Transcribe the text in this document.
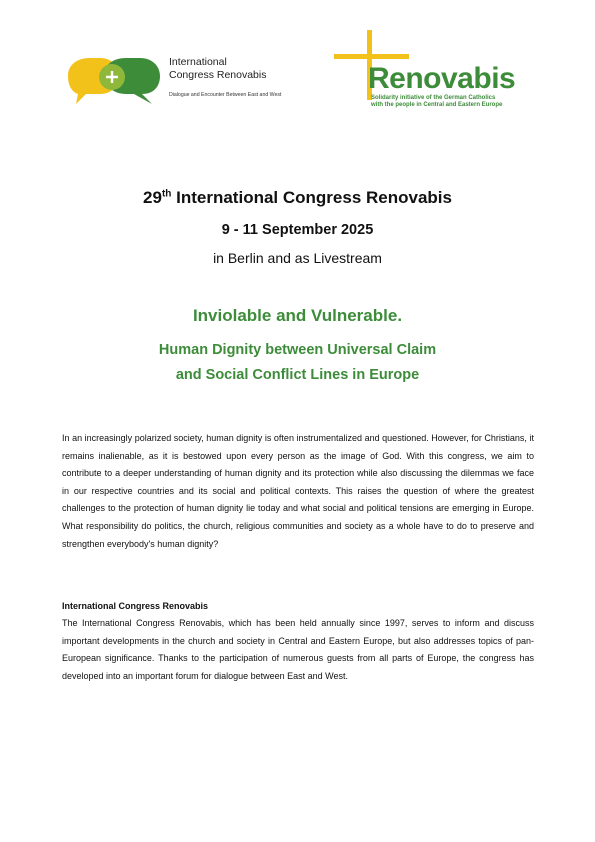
International
Congress Renovabis
Dialogue and Encounter Between East and West	Renovabis
Solidarity initiative of the German Catholics
with the people in Central and Eastern Europe
29th International Congress Renovabis
9 - 11 September 2025
in Berlin and as Livestream
Inviolable and Vulnerable.
Human Dignity between Universal Claim
and Social Conflict Lines in Europe
In an increasingly polarized society, human dignity is often instrumentalized and questioned. However, for Christians, it remains inalienable, as it is bestowed upon every person as the image of God. With this congress, we aim to contribute to a deeper understanding of human dignity and its protection while also discussing the dilemmas we face in our respective countries and its social and political contexts. This raises the question of where the greatest challenges to the protection of human dignity lie today and what social and political tensions are emerging in Europe. What responsibility do politics, the church, religious communities and society as a whole have to do to preserve and strengthen everybody's human dignity?
International Congress Renovabis
The International Congress Renovabis, which has been held annually since 1997, serves to inform and discuss important developments in the church and society in Central and Eastern Europe, but also addresses topics of pan-European significance. Thanks to the participation of numerous guests from all parts of Europe, the congress has developed into an important forum for dialogue between East and West.
